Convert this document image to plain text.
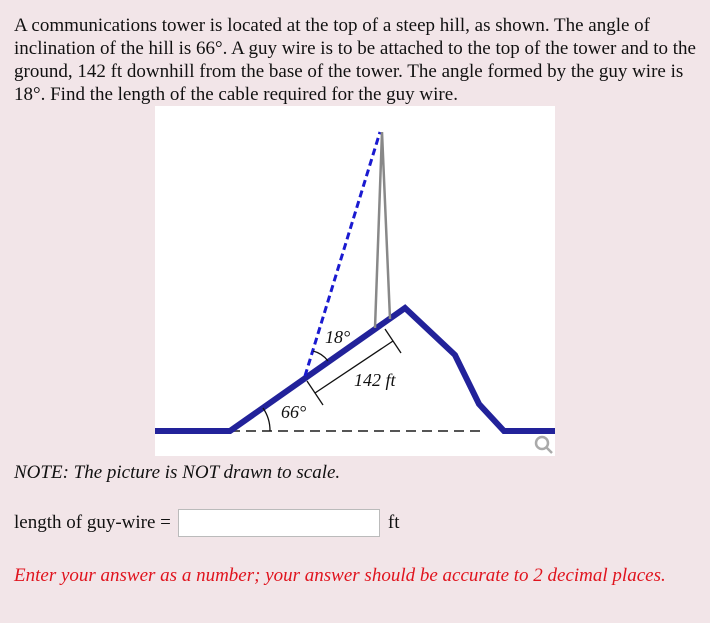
A communications tower is located at the top of a steep hill, as shown. The angle of inclination of the hill is 66°. A guy wire is to be attached to the top of the tower and to the ground, 142 ft downhill from the base of the tower. The angle formed by the guy wire is 18°. Find the length of the cable required for the guy wire.
18°
142 ft
66°
NOTE: The picture is NOT drawn to scale.
length of guy-wire =	ft
Enter your answer as a number; your answer should be accurate to 2 decimal places.
